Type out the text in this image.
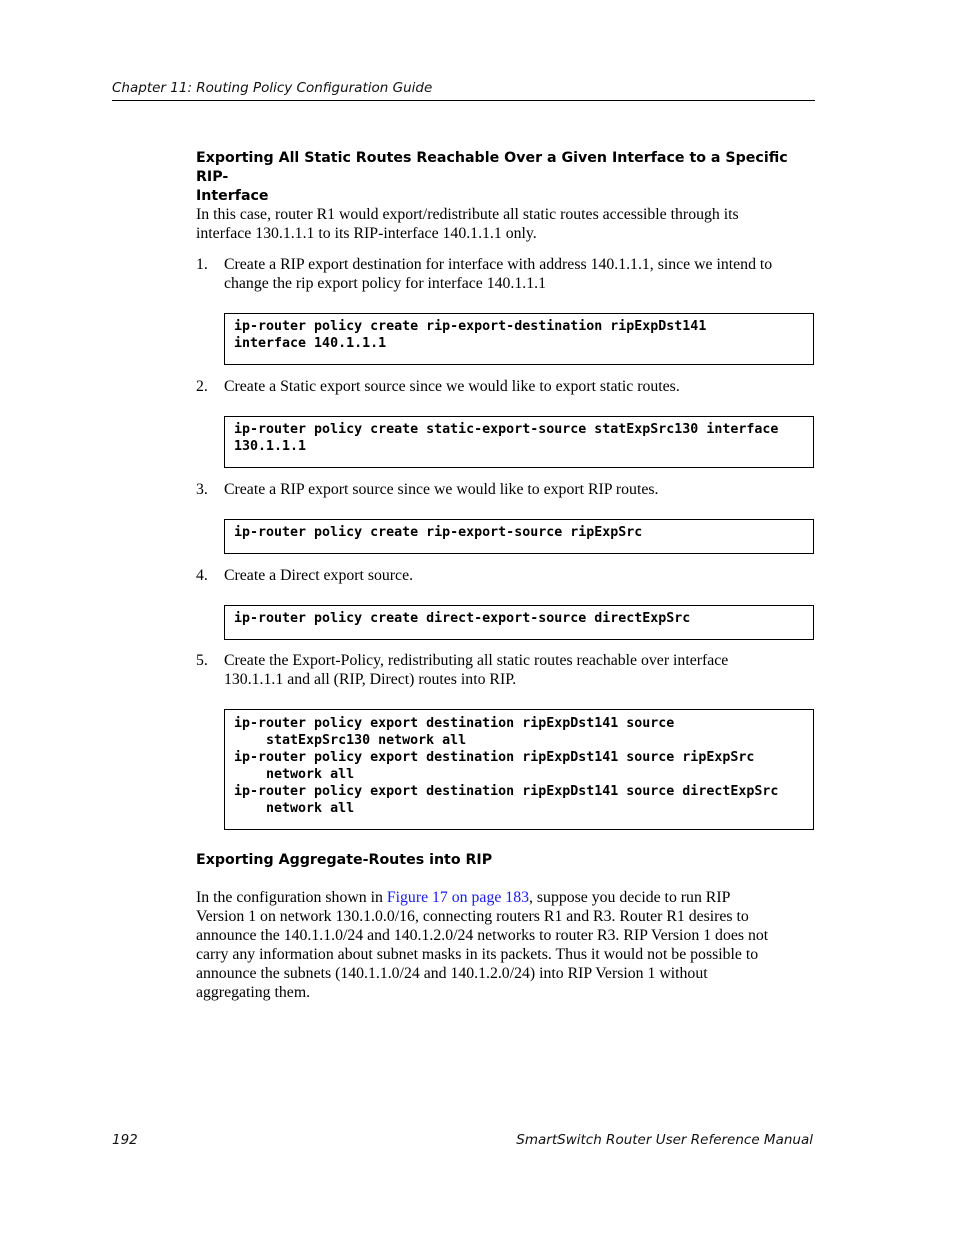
Chapter 11: Routing Policy Configuration Guide
Exporting All Static Routes Reachable Over a Given Interface to a Specific RIP-
Interface
In this case, router R1 would export/redistribute all static routes accessible through its
interface 130.1.1.1 to its RIP-interface 140.1.1.1 only.
1. Create a RIP export destination for interface with address 140.1.1.1, since we intend to
change the rip export policy for interface 140.1.1.1
ip-router policy create rip-export-destination ripExpDst141
interface 140.1.1.1
2. Create a Static export source since we would like to export static routes.
ip-router policy create static-export-source statExpSrc130 interface
130.1.1.1
3. Create a RIP export source since we would like to export RIP routes.
ip-router policy create rip-export-source ripExpSrc
4. Create a Direct export source.
ip-router policy create direct-export-source directExpSrc
5. Create the Export-Policy, redistributing all static routes reachable over interface
130.1.1.1 and all (RIP, Direct) routes into RIP.
ip-router policy export destination ripExpDst141 source
statExpSrc130 network all
ip-router policy export destination ripExpDst141 source ripExpSrc
network all
ip-router policy export destination ripExpDst141 source directExpSrc
network all
Exporting Aggregate-Routes into RIP
In the configuration shown in Figure 17 on page 183, suppose you decide to run RIP
Version 1 on network 130.1.0.0/16, connecting routers R1 and R3. Router R1 desires to
announce the 140.1.1.0/24 and 140.1.2.0/24 networks to router R3. RIP Version 1 does not
carry any information about subnet masks in its packets. Thus it would not be possible to
announce the subnets (140.1.1.0/24 and 140.1.2.0/24) into RIP Version 1 without
aggregating them.
192	SmartSwitch Router User Reference Manual
